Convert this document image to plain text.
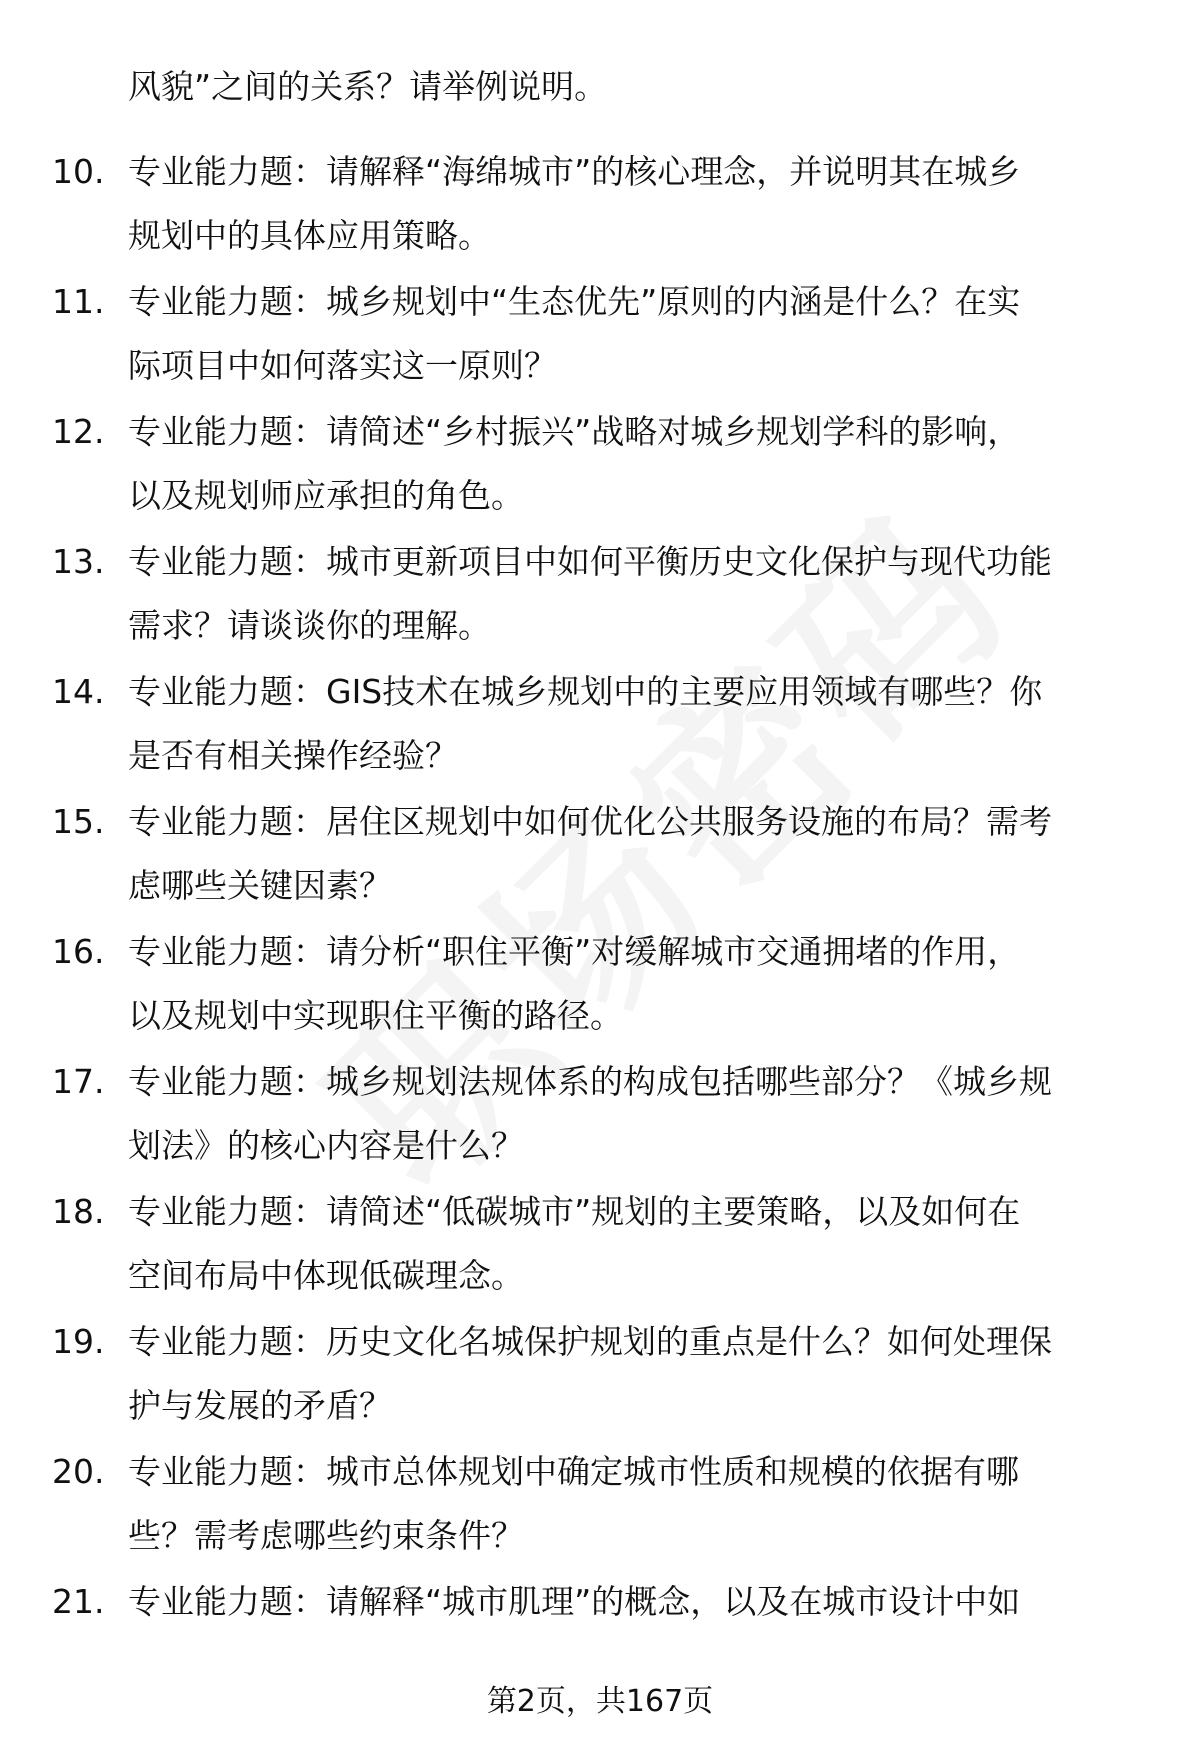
风貌”之间的关系？请举例说明。
10. 专业能力题：请解释“海绵城市”的核心理念，并说明其在城乡
规划中的具体应用策略。
11. 专业能力题：城乡规划中“生态优先”原则的内涵是什么？在实
际项目中如何落实这一原则？
12. 专业能力题：请简述“乡村振兴”战略对城乡规划学科的影响，
以及规划师应承担的角色。
13. 专业能力题：城市更新项目中如何平衡历史文化保护与现代功能
需求？请谈谈你的理解。
14. 专业能力题：GIS技术在城乡规划中的主要应用领域有哪些？你
是否有相关操作经验？
15. 专业能力题：居住区规划中如何优化公共服务设施的布局？需考
虑哪些关键因素？
16. 专业能力题：请分析“职住平衡”对缓解城市交通拥堵的作用，
以及规划中实现职住平衡的路径。
17. 专业能力题：城乡规划法规体系的构成包括哪些部分？《城乡规
划法》的核心内容是什么？
18. 专业能力题：请简述“低碳城市”规划的主要策略，以及如何在
空间布局中体现低碳理念。
19. 专业能力题：历史文化名城保护规划的重点是什么？如何处理保
护与发展的矛盾？
20. 专业能力题：城市总体规划中确定城市性质和规模的依据有哪
些？需考虑哪些约束条件？
21. 专业能力题：请解释“城市肌理”的概念，以及在城市设计中如
第2页，共167页
